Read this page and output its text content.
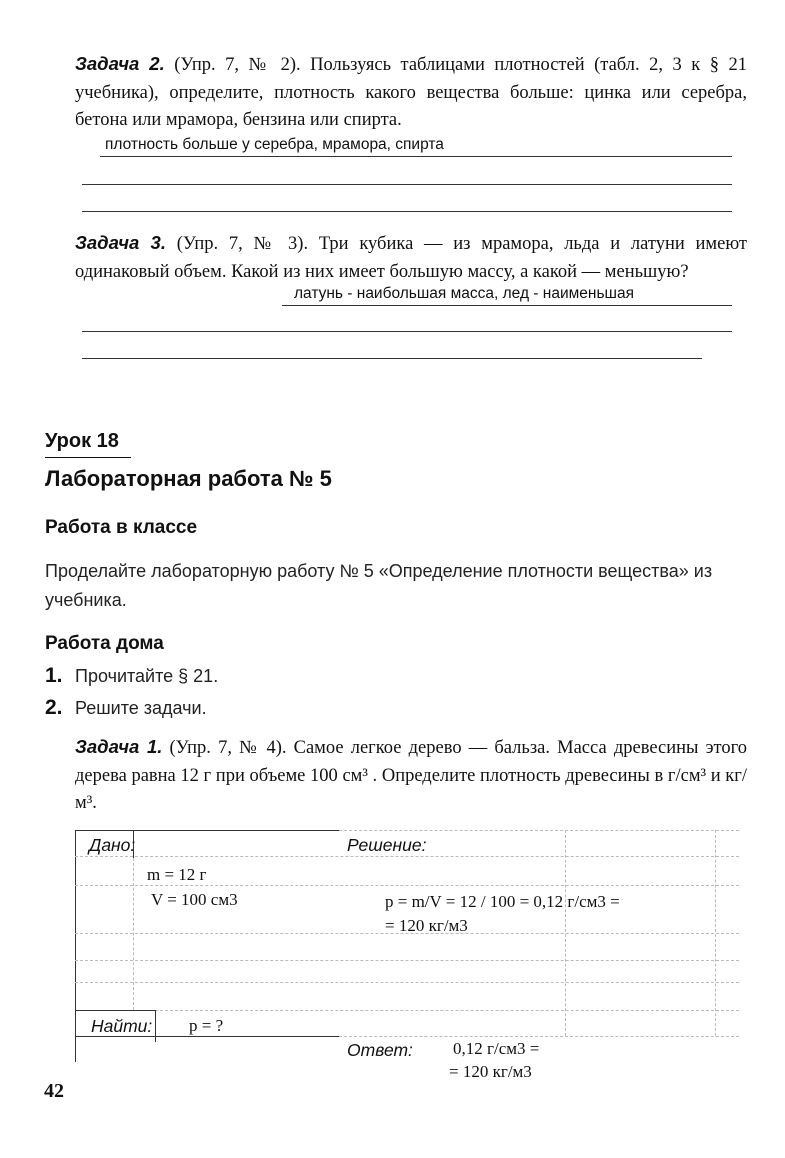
Задача 2. (Упр. 7, № 2). Пользуясь таблицами плотностей (табл. 2, 3 к § 21 учебника), определите, плотность какого вещества больше: цинка или серебра, бетона или мрамора, бензина или спирта.
плотность больше у серебра, мрамора, спирта
Задача 3. (Упр. 7, № 3). Три кубика — из мрамора, льда и латуни имеют одинаковый объем. Какой из них имеет большую массу, а какой — меньшую?
латунь - наибольшая масса, лед - наименьшая
Урок 18
Лабораторная работа № 5
Работа в классе
Проделайте лабораторную работу № 5 «Определение плотности вещества» из учебника.
Работа дома
1. Прочитайте § 21.
2. Решите задачи.
Задача 1. (Упр. 7, № 4). Самое легкое дерево — бальза. Масса древесины этого дерева равна 12 г при объеме 100 см³ . Определите плотность древесины в г/см³ и кг/м³.
Дано:
m = 12 г
V = 100 см3
Решение:
p = m/V = 12 / 100 = 0,12 г/см3 =
= 120 кг/м3
Найти: p = ?
Ответ: 0,12 г/см3 =
= 120 кг/м3
42
